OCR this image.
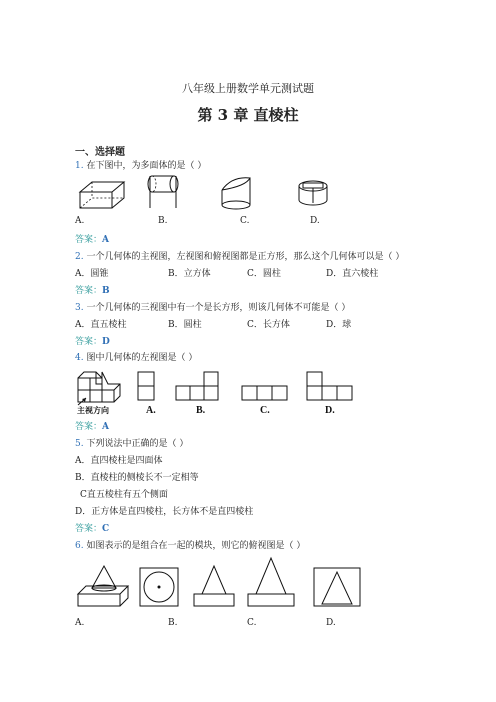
八年级上册数学单元测试题
第 3 章 直棱柱
一、选择题
1. 在下图中，为多面体的是（ ）
A.	B.	C.	D.
答案：A
2. 一个几何体的主视图，左视图和俯视图都是正方形，那么这个几何体可以是（ ）
A．圆锥	B．立方体	C．圆柱	D．直六棱柱
答案：B
3. 一个几何体的三视图中有一个是长方形，则该几何体不可能是（ ）
A．直五棱柱	B．圆柱	C．长方体	D．球
答案：D
4. 图中几何体的左视图是（ ）
主视方向	A.	B.	C.	D.
答案：A
5. 下列说法中正确的是（ ）
A．直四棱柱是四面体
B．直棱柱的侧棱长不一定相等
C直五棱柱有五个侧面
D．正方体是直四棱柱，长方体不是直四棱柱
答案：C
6. 如图表示的是组合在一起的模块，则它的俯视图是（ ）
A.	B.	C.	D.
